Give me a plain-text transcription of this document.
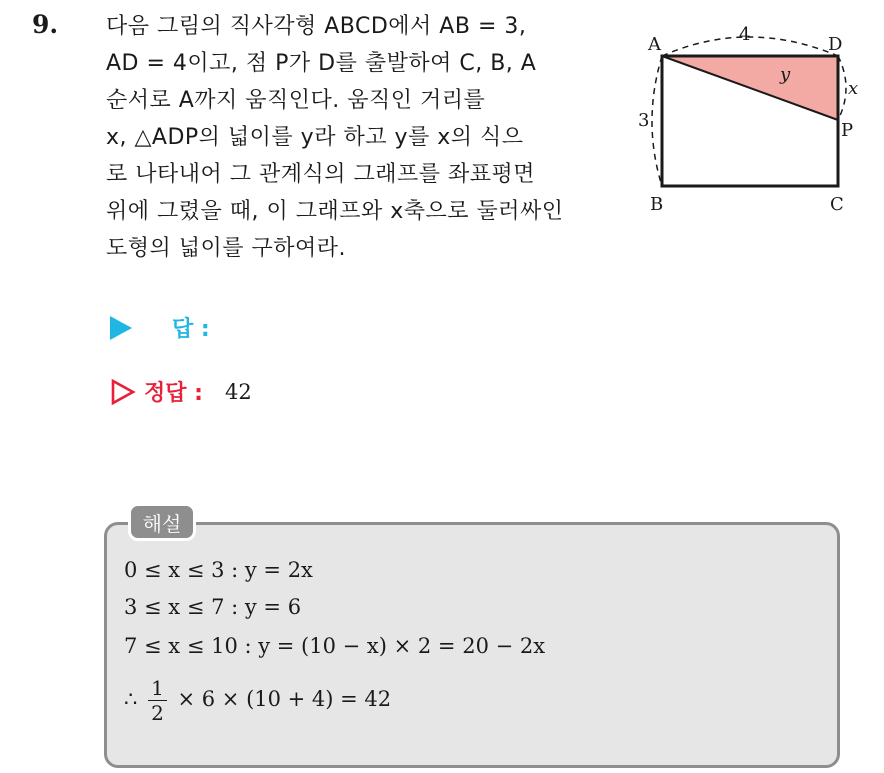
9. 다음 그림의 직사각형 ABCD에서 AB = 3,
AD = 4이고, 점 P가 D를 출발하여 C, B, A
순서로 A까지 움직인다. 움직인 거리를
x, △ADP의 넓이를 y라 하고 y를 x의 식으
로 나타내어 그 관계식의 그래프를 좌표평면
위에 그렸을 때, 이 그래프와 x축으로 둘러싸인
도형의 넓이를 구하여라.
A	D
B	C
P
4
3
x
y
답 :
정답 : 42
해설
0 ≤ x ≤ 3 : y = 2x
3 ≤ x ≤ 7 : y = 6
7 ≤ x ≤ 10 : y = (10 − x) × 2 = 20 − 2x
∴ $\frac{1}{2} \times 6 \times (10 + 4) = 42$
